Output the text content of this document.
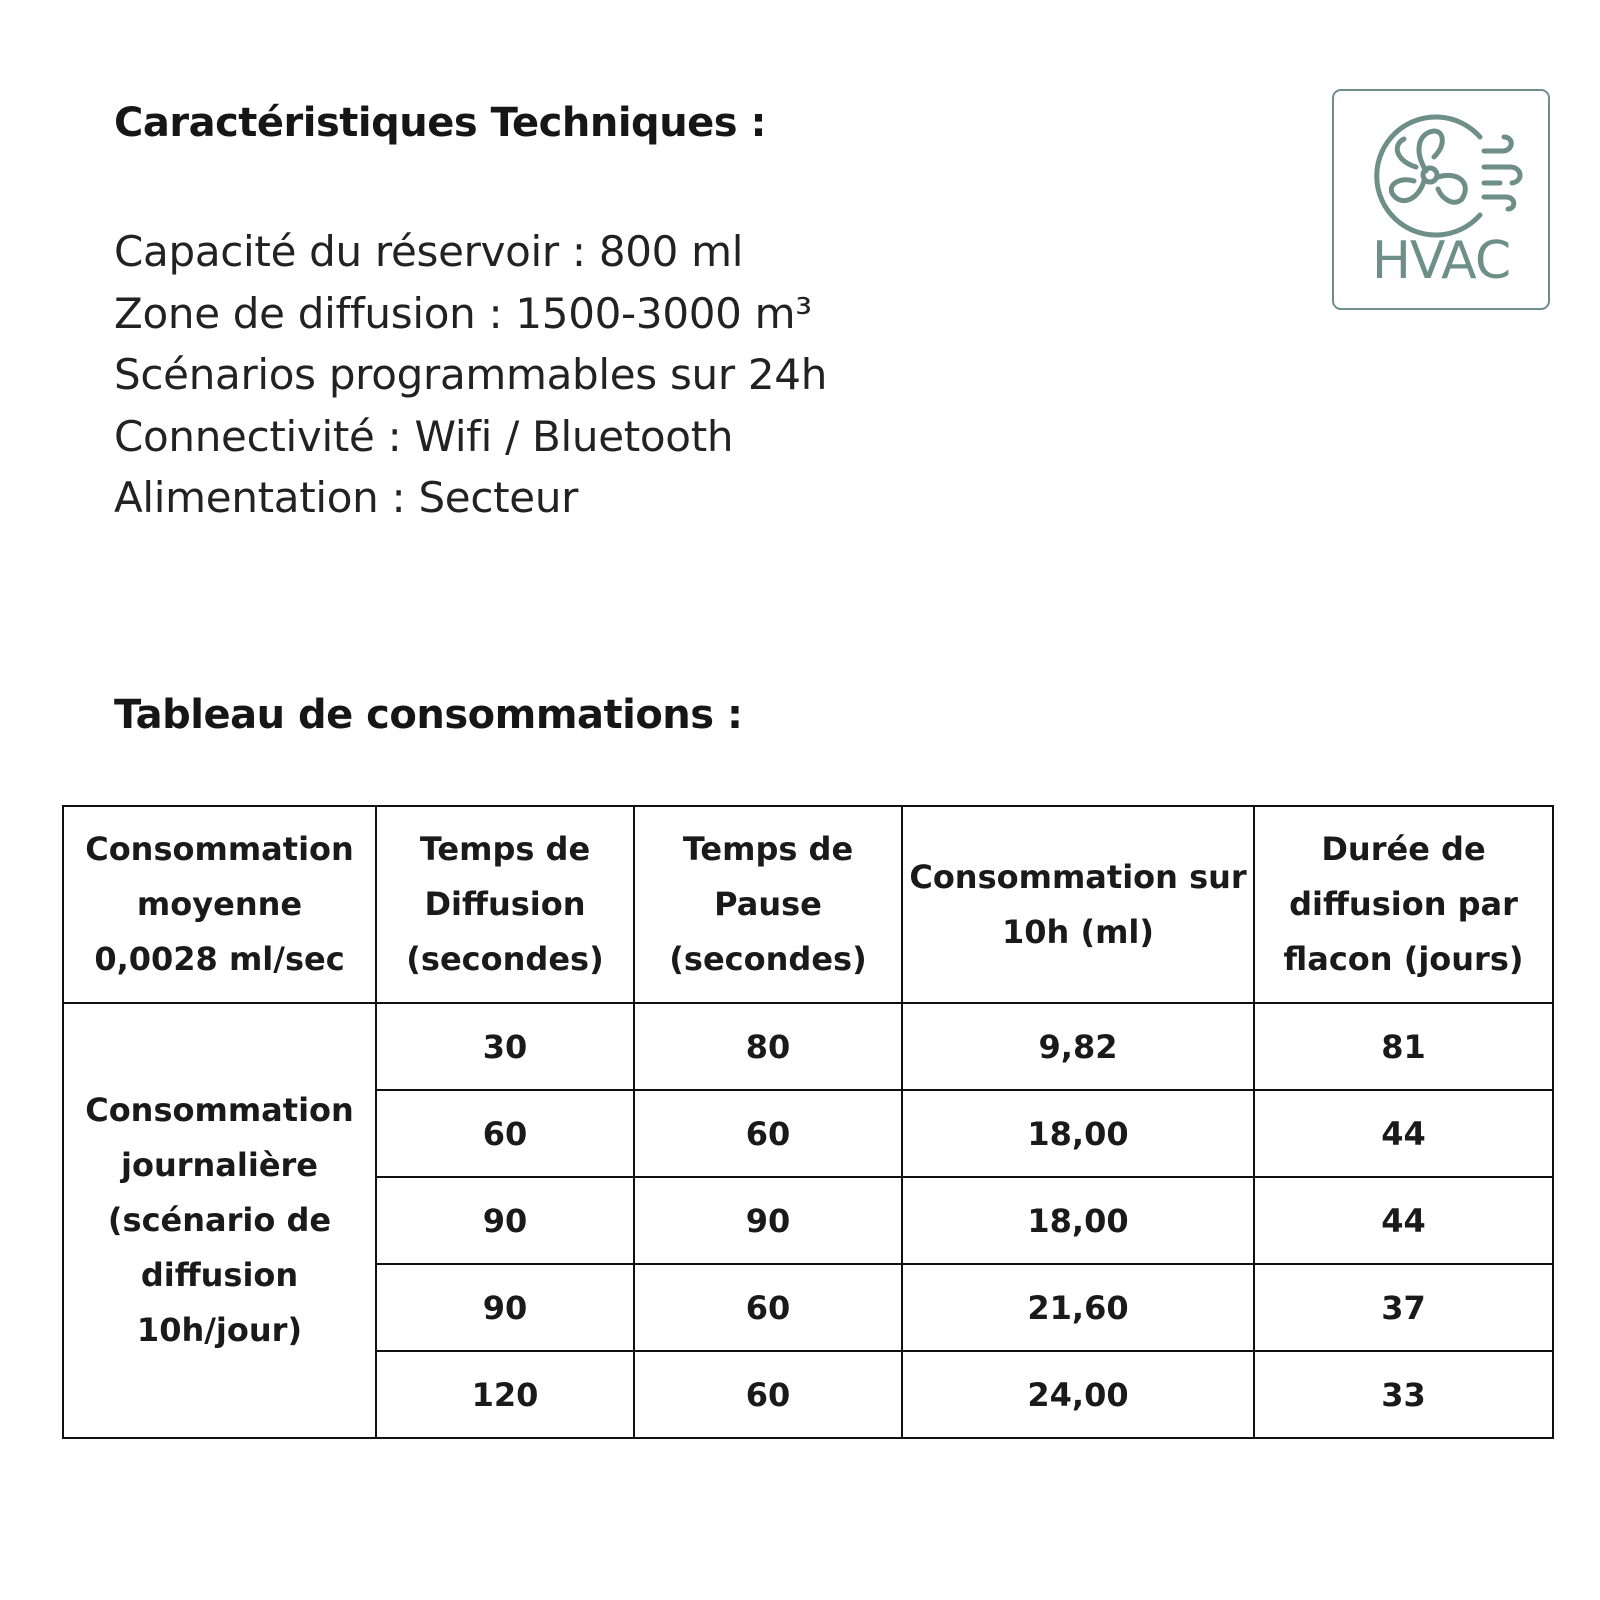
Caractéristiques Techniques :
Capacité du réservoir : 800 ml
Zone de diffusion : 1500-3000 m³
Scénarios programmables sur 24h
Connectivité : Wifi / Bluetooth
Alimentation : Secteur
HVAC
Tableau de consommations :
Consommation moyenne 0,0028 ml/sec	Temps de Diffusion (secondes)	Temps de Pause (secondes)	Consommation sur 10h (ml)	Durée de diffusion par flacon (jours)
Consommation journalière (scénario de diffusion 10h/jour)	30	80	9,82	81
	60	60	18,00	44
	90	90	18,00	44
	90	60	21,60	37
	120	60	24,00	33
